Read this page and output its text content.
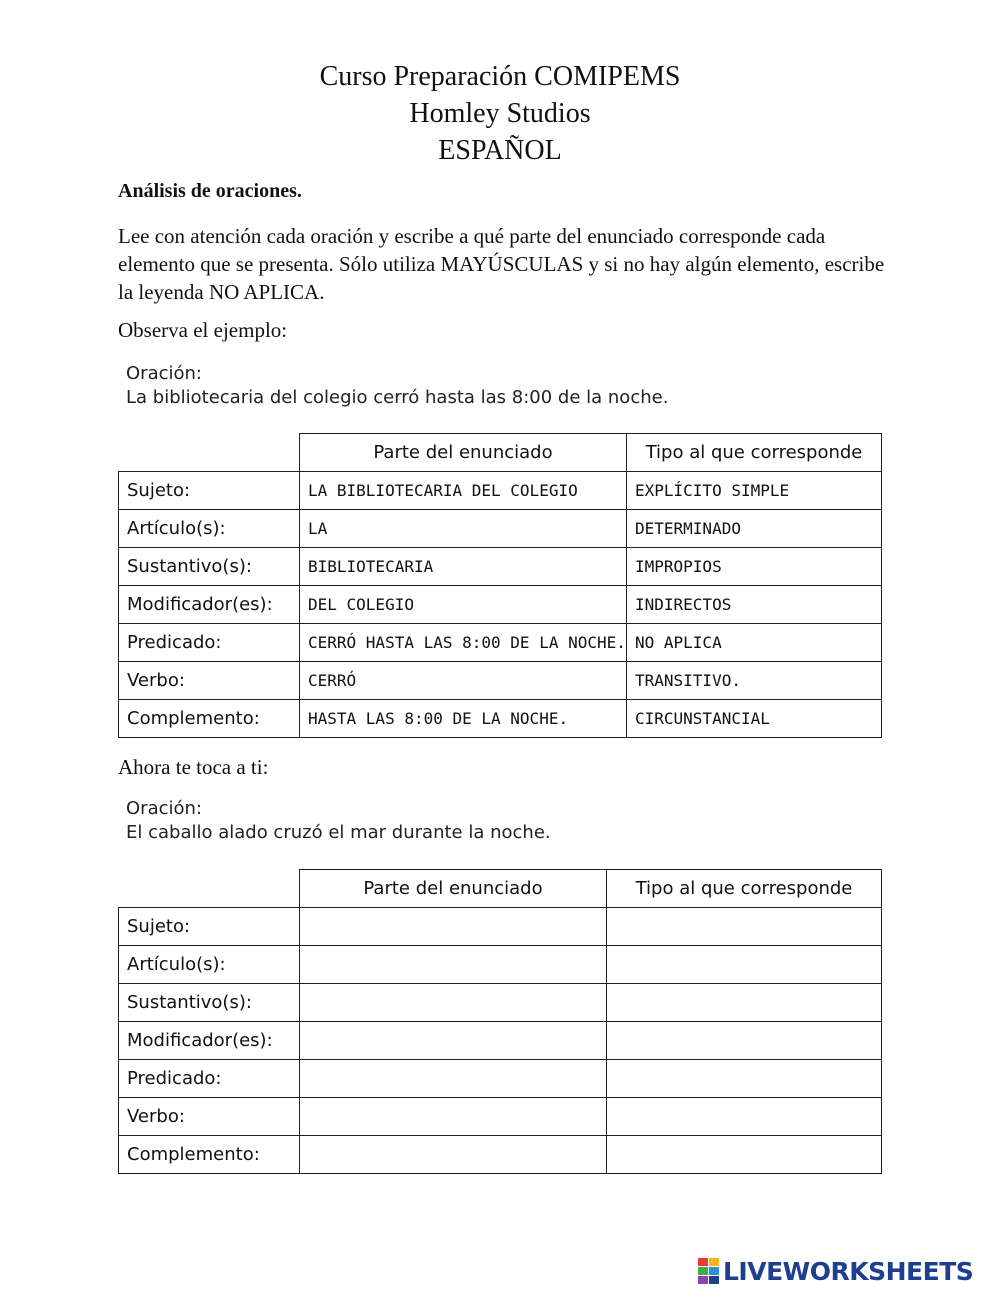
Curso Preparación COMIPEMS
Homley Studios
ESPAÑOL
Análisis de oraciones.
Lee con atención cada oración y escribe a qué parte del enunciado corresponde cada elemento que se presenta. Sólo utiliza MAYÚSCULAS y si no hay algún elemento, escribe la leyenda NO APLICA.
Observa el ejemplo:
Oración:
La bibliotecaria del colegio cerró hasta las 8:00 de la noche.
	Parte del enunciado	Tipo al que corresponde
Sujeto:	LA BIBLIOTECARIA DEL COLEGIO	EXPLÍCITO SIMPLE
Artículo(s):	LA	DETERMINADO
Sustantivo(s):	BIBLIOTECARIA	IMPROPIOS
Modificador(es):	DEL COLEGIO	INDIRECTOS
Predicado:	CERRÓ HASTA LAS 8:00 DE LA NOCHE.	NO APLICA
Verbo:	CERRÓ	TRANSITIVO.
Complemento:	HASTA LAS 8:00 DE LA NOCHE.	CIRCUNSTANCIAL
Ahora te toca a ti:
Oración:
El caballo alado cruzó el mar durante la noche.
	Parte del enunciado	Tipo al que corresponde
Sujeto:		
Artículo(s):		
Sustantivo(s):		
Modificador(es):		
Predicado:		
Verbo:		
Complemento:		
LIVEWORKSHEETS
